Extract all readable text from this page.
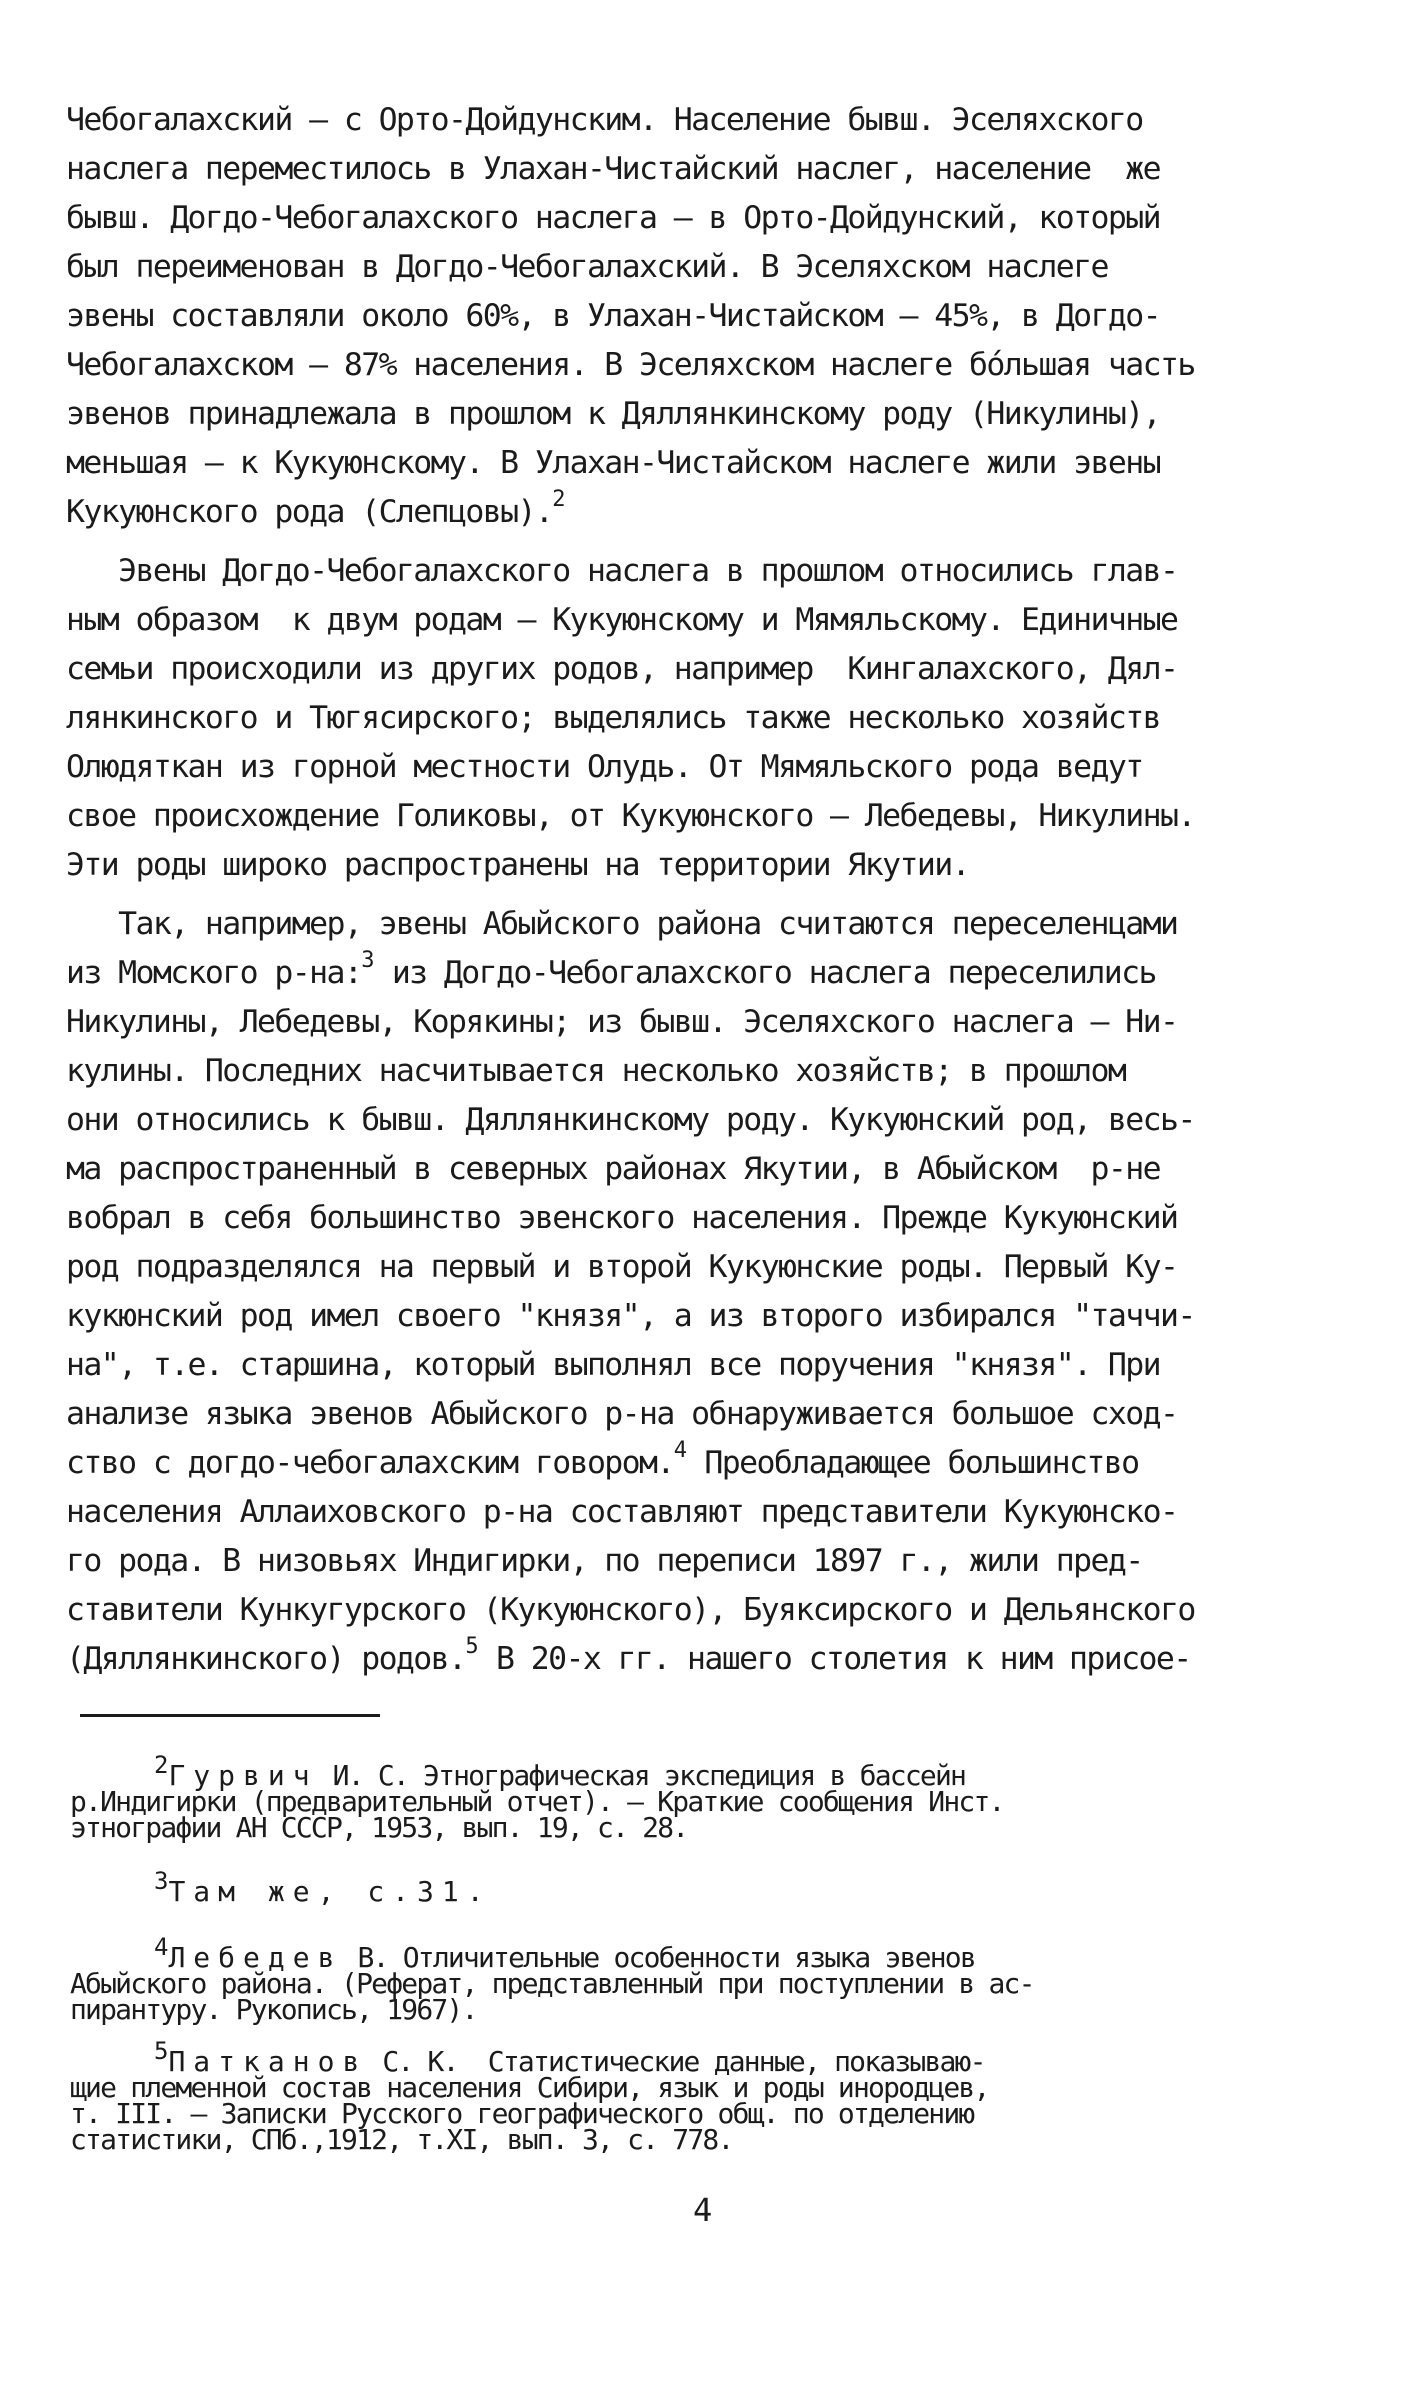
Чебогалахский – с Орто-Дойдунским. Население бывш. Эселяхского

наслега переместилось в Улахан-Чистайский наслег, население  же

бывш. Догдо-Чебогалахского наслега – в Орто-Дойдунский, который

был переименован в Догдо-Чебогалахский. В Эселяхском наслеге

эвены составляли около 60%, в Улахан-Чистайском – 45%, в Догдо-

Чебогалахском – 87% населения. В Эселяхском наслеге бо́льшая часть

эвенов принадлежала в прошлом к Дяллянкинскому роду (Никулины),

меньшая – к Кукуюнскому. В Улахан-Чистайском наслеге жили эвены

Кукуюнского рода (Слепцовы).$^2$

Эвены Догдо-Чебогалахского наслега в прошлом относились глав-

ным образом  к двум родам – Кукуюнскому и Мямяльскому. Единичные

семьи происходили из других родов, например  Кингалахского, Дял-

лянкинского и Тюгясирского; выделялись также несколько хозяйств

Олюдяткан из горной местности Олудь. От Мямяльского рода ведут

свое происхождение Голиковы, от Кукуюнского – Лебедевы, Никулины.

Эти роды широко распространены на территории Якутии.

Так, например, эвены Абыйского района считаются переселенцами

из Момского р-на:$^3$ из Догдо-Чебогалахского наслега переселились

Никулины, Лебедевы, Корякины; из бывш. Эселяхского наслега – Ни-

кулины. Последних насчитывается несколько хозяйств; в прошлом

они относились к бывш. Дяллянкинскому роду. Кукуюнский род, весь-

ма распространенный в северных районах Якутии, в Абыйском  р-не

вобрал в себя большинство эвенского населения. Прежде Кукуюнский

род подразделялся на первый и второй Кукуюнские роды. Первый Ку-

кукюнский род имел своего "князя", а из второго избирался "таччи-

на", т.е. старшина, который выполнял все поручения "князя". При

анализе языка эвенов Абыйского р-на обнаруживается большое сход-

ство с догдо-чебогалахским говором.$^4$ Преобладающее большинство

населения Аллаиховского р-на составляют представители Кукуюнско-

го рода. В низовьях Индигирки, по переписи 1897 г., жили пред-

ставители Кункугурского (Кукуюнского), Буяксирского и Дельянского

(Дяллянкинского) родов.$^5$ В 20-х гг. нашего столетия к ним присое-

2Гурвич И. С. Этнографическая экспедиция в бассейн

р.Индигирки (предварительный отчет). – Краткие сообщения Инст.

этнографии АН СССР, 1953, вып. 19, с. 28.

3Там же, с.31.

4Лебедев В. Отличительные особенности языка эвенов

Абыйского района. (Реферат, представленный при поступлении в ас-

пирантуру. Рукопись, 1967).

5Патканов С. К.  Статистические данные, показываю-

щие племенной состав населения Сибири, язык и роды инородцев,

т. III. – Записки Русского географического общ. по отделению

статистики, СПб.,1912, т.XI, вып. 3, с. 778.

4
